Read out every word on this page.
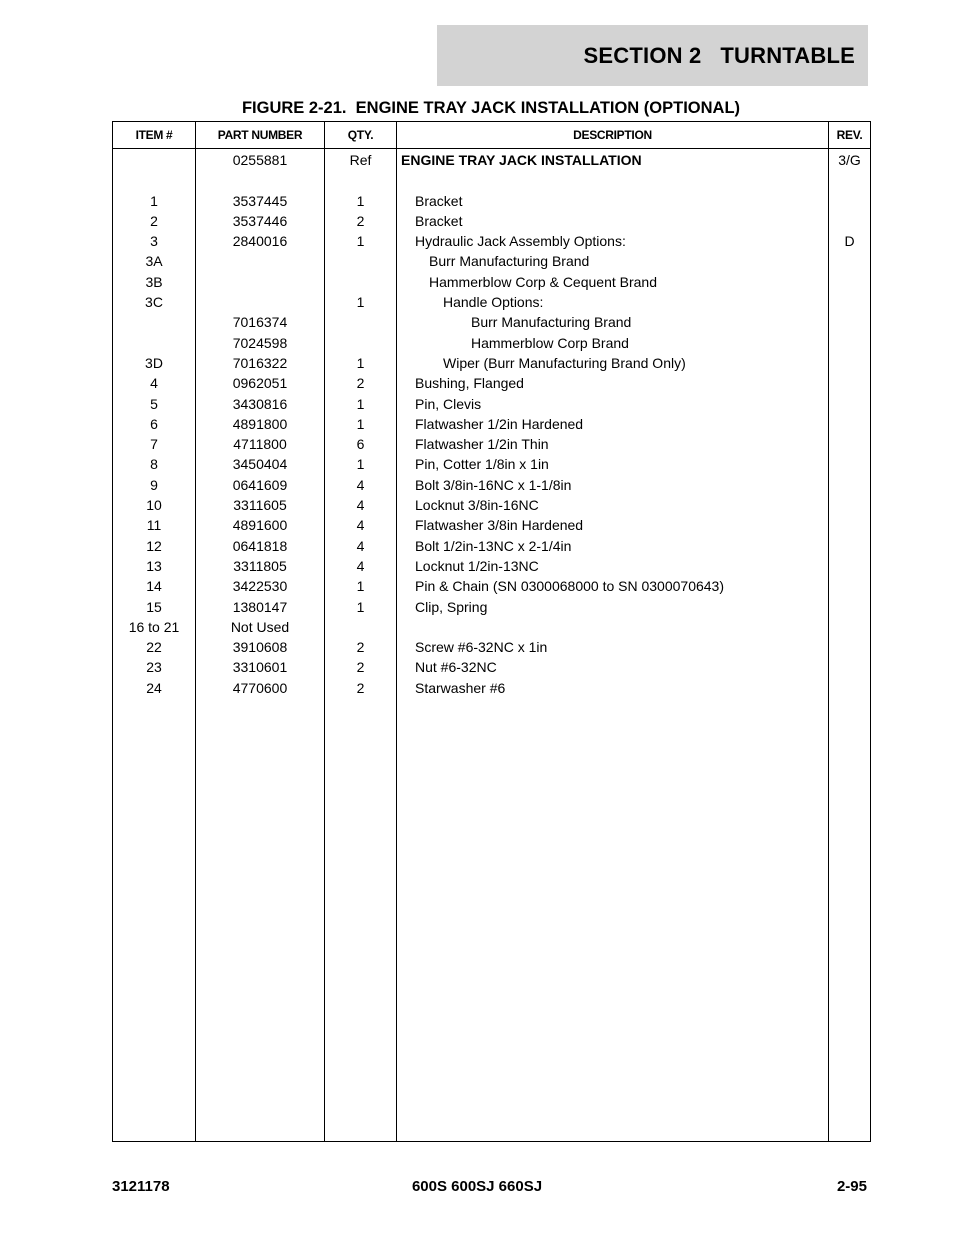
SECTION 2   TURNTABLE
FIGURE 2-21.  ENGINE TRAY JACK INSTALLATION (OPTIONAL)
ITEM #	PART NUMBER	QTY.	DESCRIPTION	REV.
	0255881	Ref	ENGINE TRAY JACK INSTALLATION	3/G

1	3537445	1	Bracket	
2	3537446	2	Bracket	
3	2840016	1	Hydraulic Jack Assembly Options:	D
3A			Burr Manufacturing Brand	
3B			Hammerblow Corp & Cequent Brand	
3C		1	Handle Options:	
	7016374		Burr Manufacturing Brand	
	7024598		Hammerblow Corp Brand	
3D	7016322	1	Wiper (Burr Manufacturing Brand Only)	
4	0962051	2	Bushing, Flanged	
5	3430816	1	Pin, Clevis	
6	4891800	1	Flatwasher 1/2in Hardened	
7	4711800	6	Flatwasher 1/2in Thin	
8	3450404	1	Pin, Cotter 1/8in x 1in	
9	0641609	4	Bolt 3/8in-16NC x 1-1/8in	
10	3311605	4	Locknut 3/8in-16NC	
11	4891600	4	Flatwasher 3/8in Hardened	
12	0641818	4	Bolt 1/2in-13NC x 2-1/4in	
13	3311805	4	Locknut 1/2in-13NC	
14	3422530	1	Pin & Chain (SN 0300068000 to SN 0300070643)	
15	1380147	1	Clip, Spring	
16 to 21	Not Used			
22	3910608	2	Screw #6-32NC x 1in	
23	3310601	2	Nut #6-32NC	
24	4770600	2	Starwasher #6	

3121178	600S 600SJ 660SJ	2-95
